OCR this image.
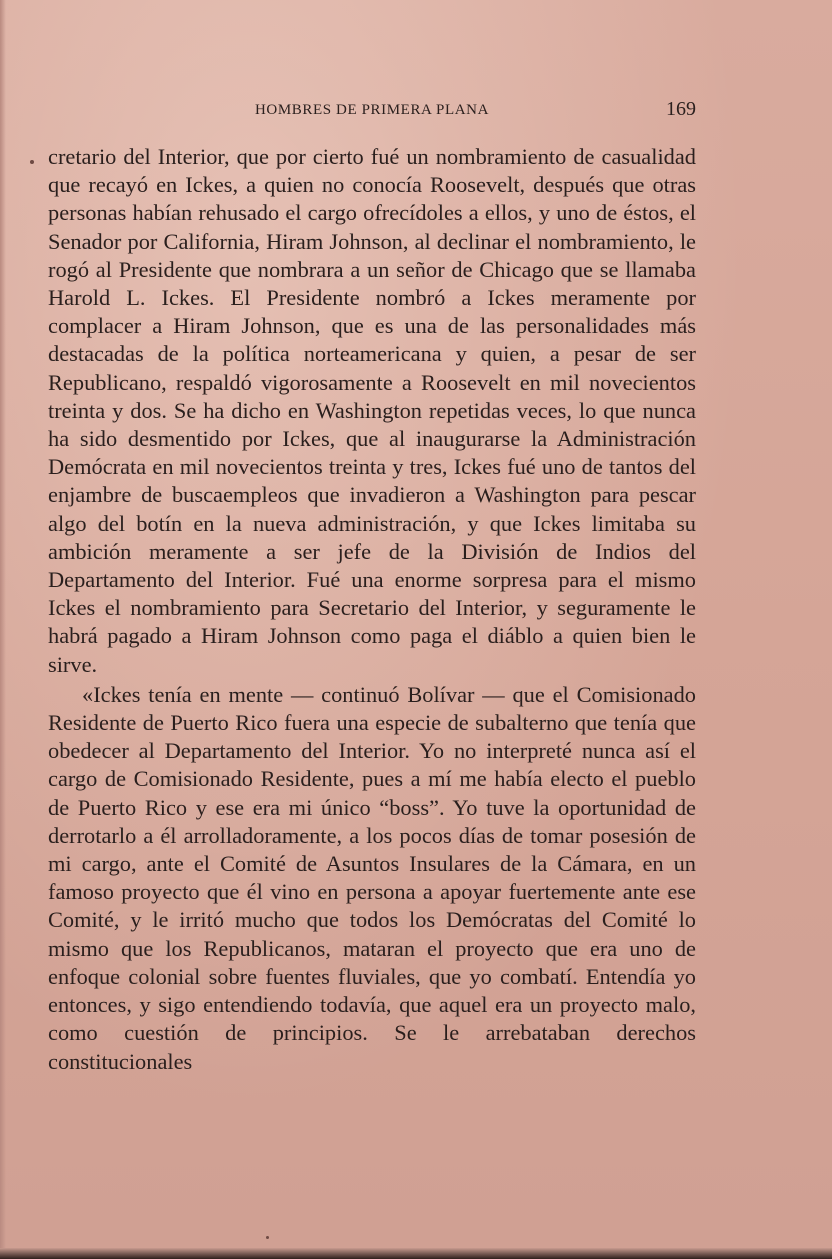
HOMBRES DE PRIMERA PLANA	169

cretario del Interior, que por cierto fué un nombramiento de casualidad que recayó en Ickes, a quien no conocía Roosevelt, después que otras personas habían rehusado el cargo ofrecídoles a ellos, y uno de éstos, el Senador por California, Hiram Johnson, al declinar el nombramiento, le rogó al Presidente que nombrara a un señor de Chicago que se llamaba Harold L. Ickes. El Presidente nombró a Ickes meramente por complacer a Hiram Johnson, que es una de las personalidades más destacadas de la política norteamericana y quien, a pesar de ser Republicano, respaldó vigorosamente a Roosevelt en mil novecientos treinta y dos. Se ha dicho en Washington repetidas veces, lo que nunca ha sido desmentido por Ickes, que al inaugurarse la Administración Demócrata en mil novecientos treinta y tres, Ickes fué uno de tantos del enjambre de buscaempleos que invadieron a Washington para pescar algo del botín en la nueva administración, y que Ickes limitaba su ambición meramente a ser jefe de la División de Indios del Departamento del Interior. Fué una enorme sorpresa para el mismo Ickes el nombramiento para Secretario del Interior, y seguramente le habrá pagado a Hiram Johnson como paga el diáblo a quien bien le sirve.

«Ickes tenía en mente — continuó Bolívar — que el Comisionado Residente de Puerto Rico fuera una especie de subalterno que tenía que obedecer al Departamento del Interior. Yo no interpreté nunca así el cargo de Comisionado Residente, pues a mí me había electo el pueblo de Puerto Rico y ese era mi único “boss”. Yo tuve la oportunidad de derrotarlo a él arrolladoramente, a los pocos días de tomar posesión de mi cargo, ante el Comité de Asuntos Insulares de la Cámara, en un famoso proyecto que él vino en persona a apoyar fuertemente ante ese Comité, y le irritó mucho que todos los Demócratas del Comité lo mismo que los Republicanos, mataran el proyecto que era uno de enfoque colonial sobre fuentes fluviales, que yo combatí. Entendía yo entonces, y sigo entendiendo todavía, que aquel era un proyecto malo, como cuestión de principios. Se le arrebataban derechos constitucionales
